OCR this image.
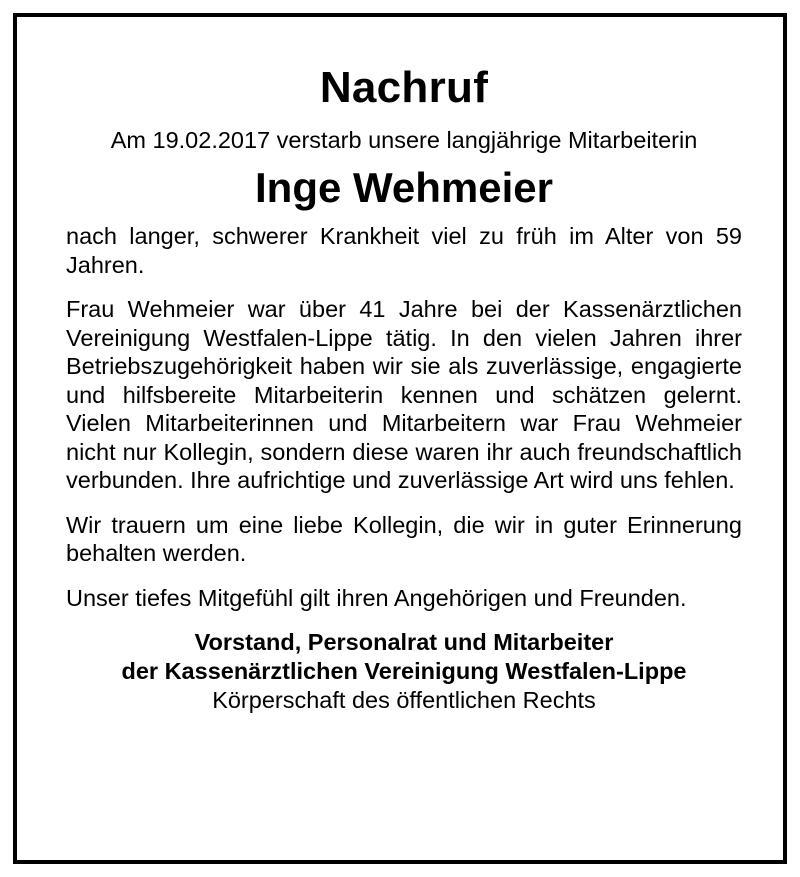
Nachruf

Am 19.02.2017 verstarb unsere langjährige Mitarbeiterin

Inge Wehmeier

nach langer, schwerer Krankheit viel zu früh im Alter von 59 Jahren.

Frau Wehmeier war über 41 Jahre bei der Kassenärztlichen Vereinigung Westfalen-Lippe tätig. In den vielen Jahren ihrer Betriebszugehörigkeit haben wir sie als zuverlässige, engagierte und hilfsbereite Mitarbeiterin kennen und schätzen gelernt. Vielen Mitarbeiterinnen und Mitarbeitern war Frau Wehmeier nicht nur Kollegin, sondern diese waren ihr auch freundschaftlich verbunden. Ihre aufrichtige und zuverlässige Art wird uns fehlen.

Wir trauern um eine liebe Kollegin, die wir in guter Erinnerung behalten werden.

Unser tiefes Mitgefühl gilt ihren Angehörigen und Freunden.

Vorstand, Personalrat und Mitarbeiter
der Kassenärztlichen Vereinigung Westfalen-Lippe
Körperschaft des öffentlichen Rechts
